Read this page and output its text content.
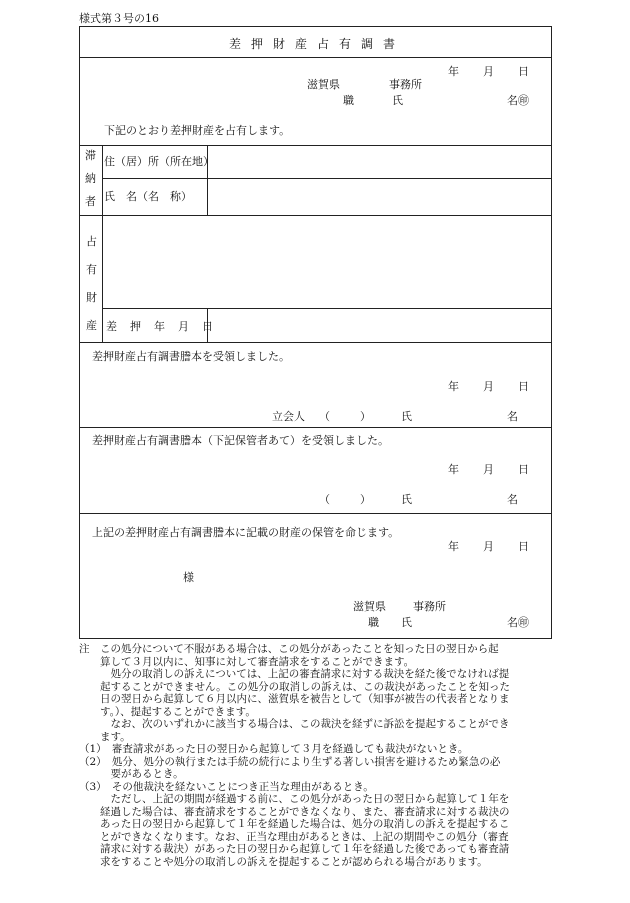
様式第３号の16
差押財産占有調書
年 月 日
滋賀県	事務所
職	氏	名㊞
下記のとおり差押財産を占有します。
滞
納
者
住（居）所（所在地）
氏　名（名　称）
占
有
財
産 差　押　年　月　日
差押財産占有調書謄本を受領しました。
年 月 日
立会人 （	）	氏	名
差押財産占有調書謄本（下記保管者あて）を受領しました。
年 月 日
（	）	氏	名
上記の差押財産占有調書謄本に記載の財産の保管を命じます。
年 月 日
様
滋賀県 事務所
職 氏	名㊞
注　この処分について不服がある場合は、この処分があったことを知った日の翌日から起
　　算して３月以内に、知事に対して審査請求をすることができます。
　　　処分の取消しの訴えについては、上記の審査請求に対する裁決を経た後でなければ提
　　起することができません。この処分の取消しの訴えは、この裁決があったことを知った
　　日の翌日から起算して６月以内に、滋賀県を被告として（知事が被告の代表者となりま
　　す。）、提起することができます。
　　　なお、次のいずれかに該当する場合は、この裁決を経ずに訴訟を提起することができ
　　ます。
（1）　審査請求があった日の翌日から起算して３月を経過しても裁決がないとき。
（2）　処分、処分の執行または手続の続行により生ずる著しい損害を避けるため緊急の必
　　　要があるとき。
（3）　その他裁決を経ないことにつき正当な理由があるとき。
　　　ただし、上記の期間が経過する前に、この処分があった日の翌日から起算して１年を
　　経過した場合は、審査請求をすることができなくなり、また、審査請求に対する裁決の
　　あった日の翌日から起算して１年を経過した場合は、処分の取消しの訴えを提起するこ
　　とができなくなります。なお、正当な理由があるときは、上記の期間やこの処分（審査
　　請求に対する裁決）があった日の翌日から起算して１年を経過した後であっても審査請
　　求をすることや処分の取消しの訴えを提起することが認められる場合があります。
